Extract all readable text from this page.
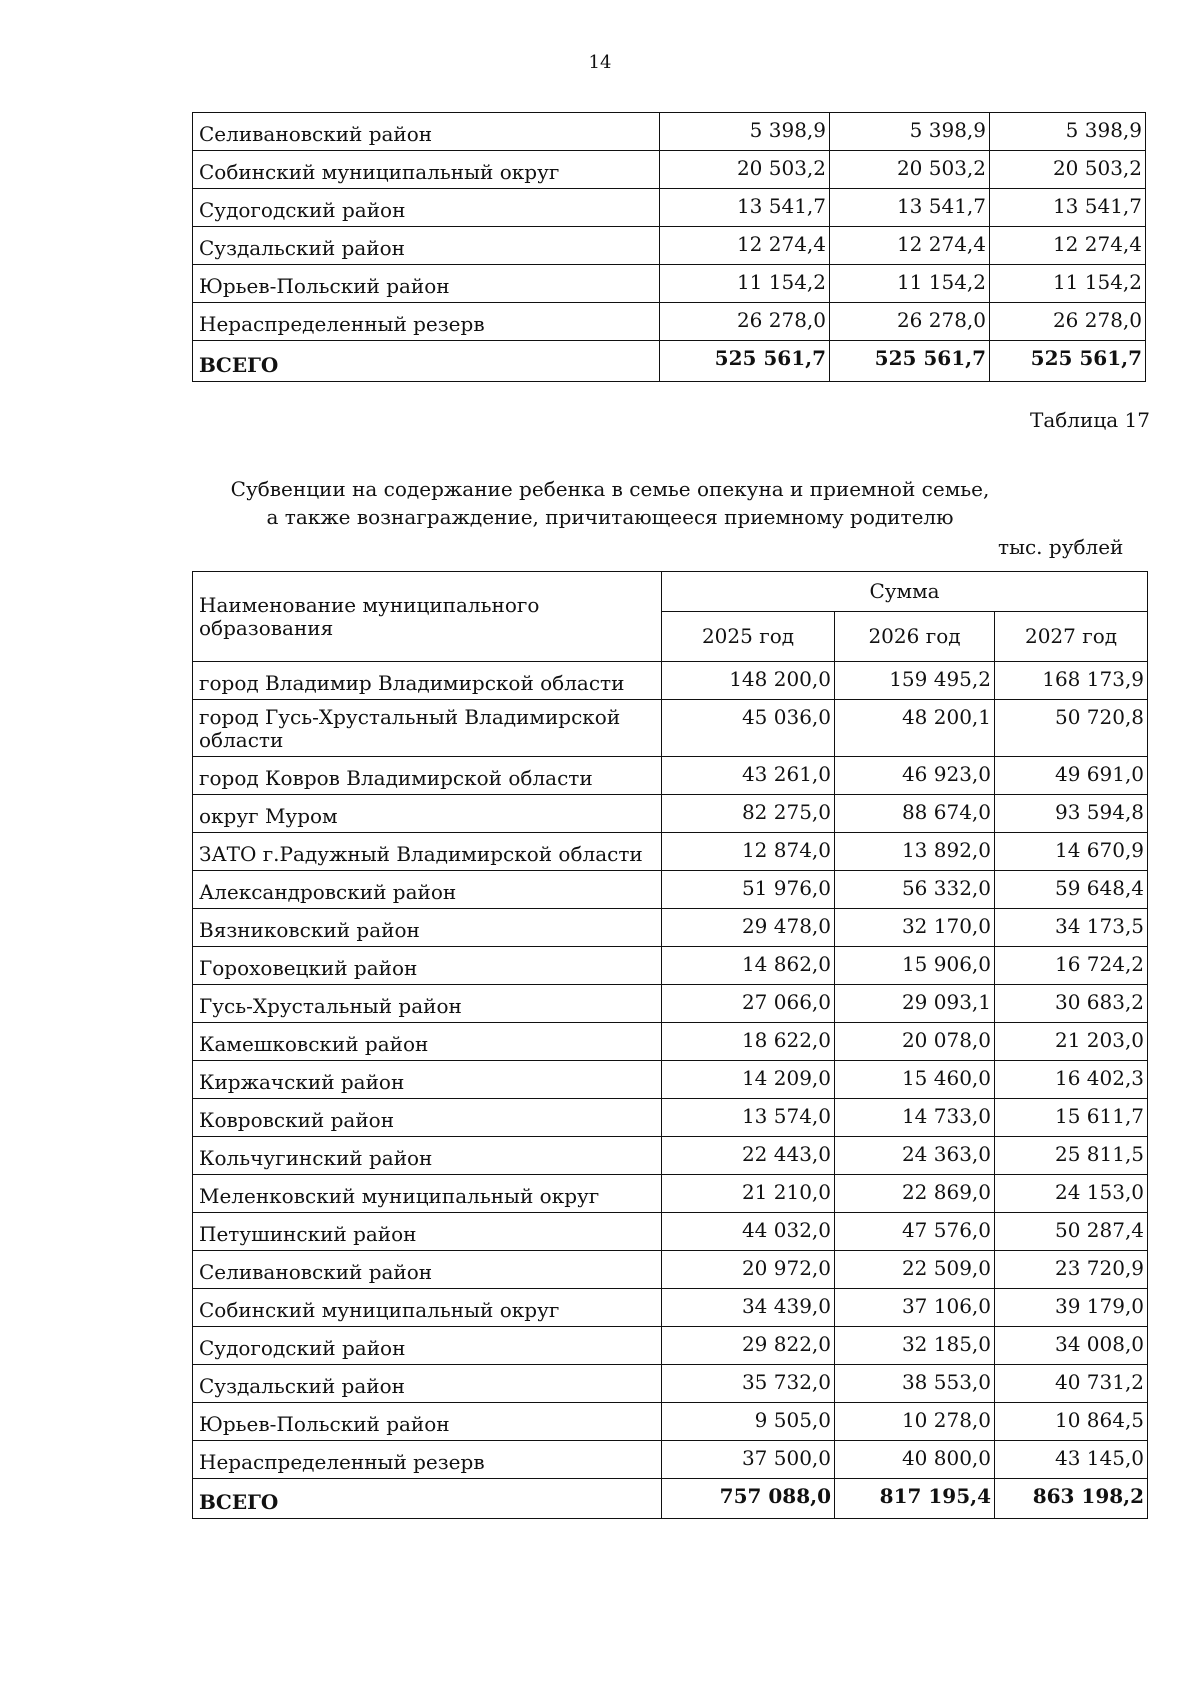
14
Селивановский район	5 398,9	5 398,9	5 398,9
Собинский муниципальный округ	20 503,2	20 503,2	20 503,2
Судогодский район	13 541,7	13 541,7	13 541,7
Суздальский район	12 274,4	12 274,4	12 274,4
Юрьев-Польский район	11 154,2	11 154,2	11 154,2
Нераспределенный резерв	26 278,0	26 278,0	26 278,0
ВСЕГО	525 561,7	525 561,7	525 561,7
Таблица 17
Субвенции на содержание ребенка в семье опекуна и приемной семье,
а также вознаграждение, причитающееся приемному родителю
тыс. рублей
Наименование муниципального образования	Сумма		
	2025 год	2026 год	2027 год
город Владимир Владимирской области	148 200,0	159 495,2	168 173,9
город Гусь-Хрустальный Владимирской области	45 036,0	48 200,1	50 720,8
город Ковров Владимирской области	43 261,0	46 923,0	49 691,0
округ Муром	82 275,0	88 674,0	93 594,8
ЗАТО г.Радужный Владимирской области	12 874,0	13 892,0	14 670,9
Александровский район	51 976,0	56 332,0	59 648,4
Вязниковский район	29 478,0	32 170,0	34 173,5
Гороховецкий район	14 862,0	15 906,0	16 724,2
Гусь-Хрустальный район	27 066,0	29 093,1	30 683,2
Камешковский район	18 622,0	20 078,0	21 203,0
Киржачский район	14 209,0	15 460,0	16 402,3
Ковровский район	13 574,0	14 733,0	15 611,7
Кольчугинский район	22 443,0	24 363,0	25 811,5
Меленковский муниципальный округ	21 210,0	22 869,0	24 153,0
Петушинский район	44 032,0	47 576,0	50 287,4
Селивановский район	20 972,0	22 509,0	23 720,9
Собинский муниципальный округ	34 439,0	37 106,0	39 179,0
Судогодский район	29 822,0	32 185,0	34 008,0
Суздальский район	35 732,0	38 553,0	40 731,2
Юрьев-Польский район	9 505,0	10 278,0	10 864,5
Нераспределенный резерв	37 500,0	40 800,0	43 145,0
ВСЕГО	757 088,0	817 195,4	863 198,2
